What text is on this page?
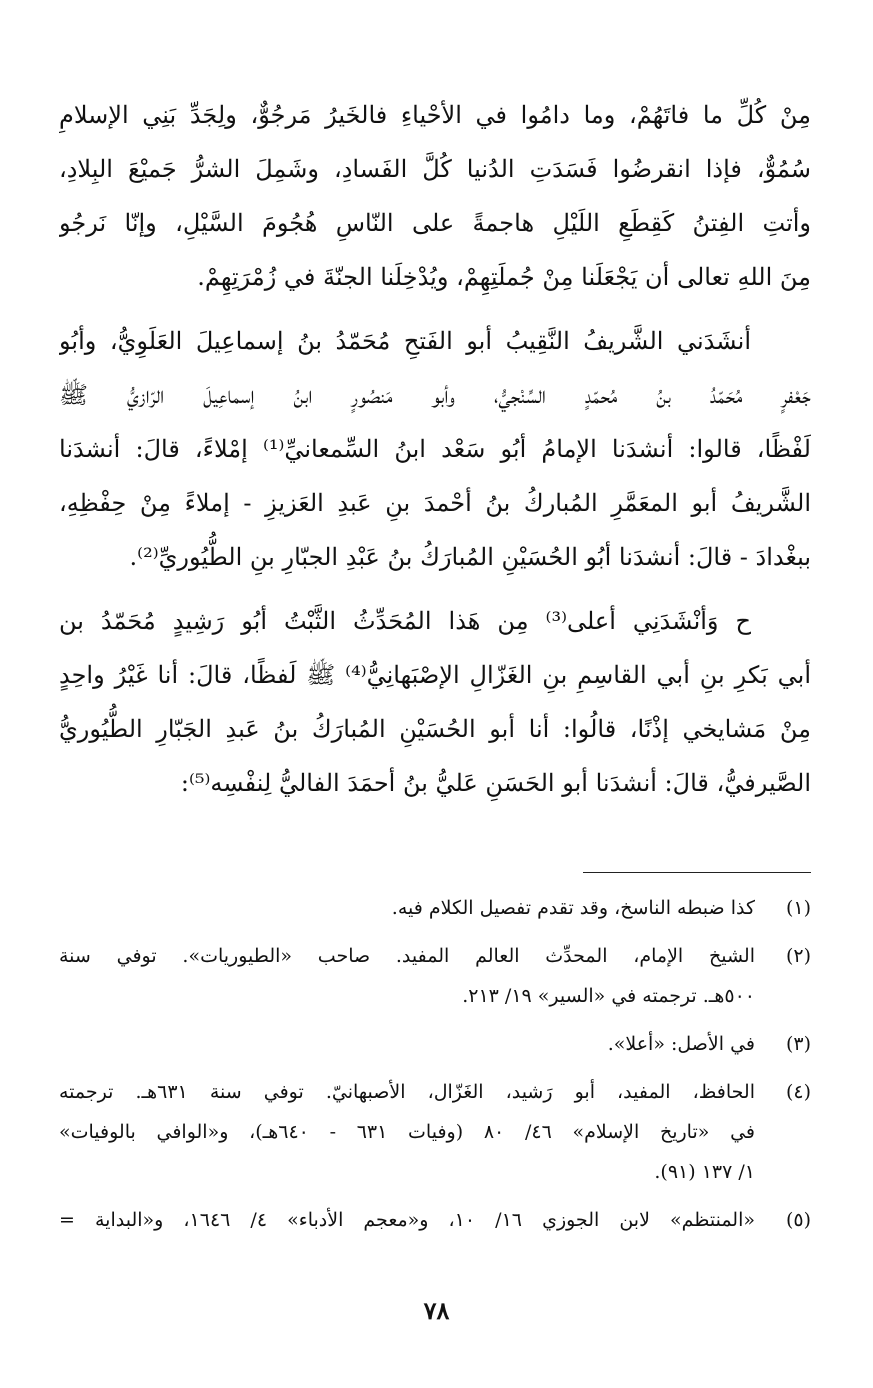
مِنْ كُلِّ ما فاتَهُمْ، وما دامُوا في الأحْياءِ فالخَيرُ مَرجُوٌّ، ولِجَدِّ بَنِي الإسلامِ
سُمُوٌّ، فإذا انقرضُوا فَسَدَتِ الدُنيا كُلَّ الفَسادِ، وشَمِلَ الشرُّ جَميْعَ البِلادِ،
وأتتِ الفِتنُ كَقِطَعِ اللَيْلِ هاجمةً على النّاسِ هُجُومَ السَّيْلِ، وإنّا نَرجُو
مِنَ اللهِ تعالى أن يَجْعَلَنا مِنْ جُملَتِهِمْ، ويُدْخِلَنا الجنّةَ في زُمْرَتِهِمْ.
أنشَدَني الشَّريفُ النَّقِيبُ أبو الفَتحِ مُحَمّدُ بنُ إسماعِيلَ العَلَوِيُّ، وأبُو
جَعْفرٍ مُحَمّدُ بنُ مُحمّدٍ السِّنْجيُّ، وأبو مَنصُورٍ ابنُ إسماعِيلَ الرّازيُّ ﷺ
لَفْظًا، قالوا: أنشدَنا الإمامُ أبُو سَعْد ابنُ السِّمعانيِّ⁽¹⁾ إمْلاءً، قالَ: أنشدَنا
الشَّريفُ أبو المعَمَّرِ المُباركُ بنُ أحْمدَ بنِ عَبدِ العَزيزِ - إملاءً مِنْ حِفْظِهِ،
ببغْدادَ - قالَ: أنشدَنا أبُو الحُسَيْنِ المُبارَكُ بنُ عَبْدِ الجبّارِ بنِ الطُّيُوريِّ⁽²⁾.
ح وَأنْشَدَنِي أعلى⁽³⁾ مِن هَذا المُحَدِّثُ الثَّبْتُ أبُو رَشِيدٍ مُحَمّدُ بن
أبي بَكرِ بنِ أبي القاسِمِ بنِ الغَزّالِ الإصْبَهانِيُّ⁽⁴⁾ ﷺ لَفظًا، قالَ: أنا غَيْرُ واحِدٍ
مِنْ مَشايخي إذْنًا، قالُوا: أنا أبو الحُسَيْنِ المُبارَكُ بنُ عَبدِ الجَبّارِ الطُّيُوريُّ
الصَّيرفيُّ، قالَ: أنشدَنا أبو الحَسَنِ عَليُّ بنُ أحمَدَ الفاليُّ لِنفْسِه⁽⁵⁾:
(١)
كذا ضبطه الناسخ، وقد تقدم تفصيل الكلام فيه.
(٢)
الشيخ الإمام، المحدِّث العالم المفيد. صاحب «الطيوريات». توفي سنة
٥٠٠هـ. ترجمته في «السير» ١٩/ ٢١٣.
(٣)
في الأصل: «أعلا».
(٤)
الحافظ، المفيد، أبو رَشيد، الغَزّال، الأصبهانيّ. توفي سنة ٦٣١هـ. ترجمته
في «تاريخ الإسلام» ٤٦/ ٨٠ (وفيات ٦٣١ - ٦٤٠هـ)، و«الوافي بالوفيات»
١/ ١٣٧ (٩١).
(٥)
«المنتظم» لابن الجوزي ١٦/ ١٠، و«معجم الأدباء» ٤/ ١٦٤٦، و«البداية =
٧٨
